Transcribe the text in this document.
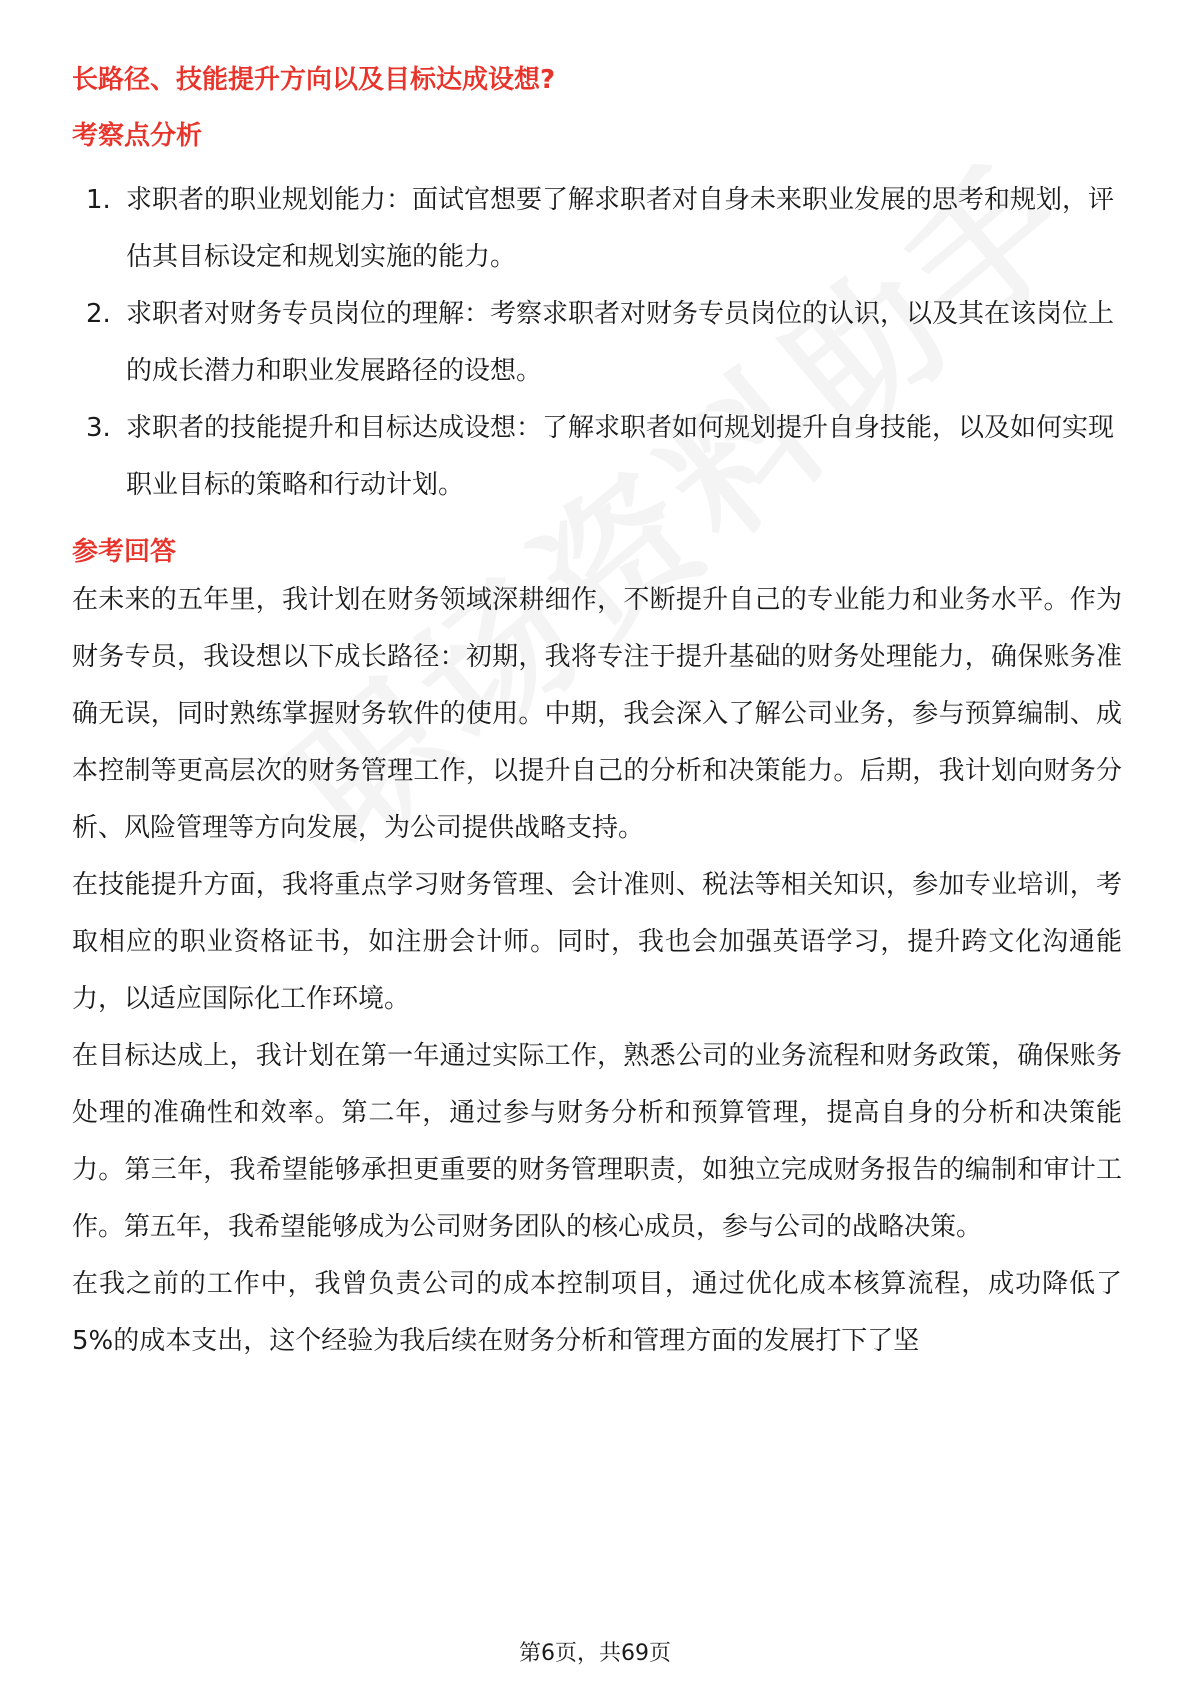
长路径、技能提升方向以及目标达成设想?
考察点分析
1. 求职者的职业规划能力：面试官想要了解求职者对自身未来职业发展的思考和规划，评估其目标设定和规划实施的能力。
2. 求职者对财务专员岗位的理解：考察求职者对财务专员岗位的认识，以及其在该岗位上的成长潜力和职业发展路径的设想。
3. 求职者的技能提升和目标达成设想：了解求职者如何规划提升自身技能，以及如何实现职业目标的策略和行动计划。
参考回答

在未来的五年里，我计划在财务领域深耕细作，不断提升自己的专业能力和业务水平。作为财务专员，我设想以下成长路径：初期，我将专注于提升基础的财务处理能力，确保账务准确无误，同时熟练掌握财务软件的使用。中期，我会深入了解公司业务，参与预算编制、成本控制等更高层次的财务管理工作，以提升自己的分析和决策能力。后期，我计划向财务分析、风险管理等方向发展，为公司提供战略支持。

在技能提升方面，我将重点学习财务管理、会计准则、税法等相关知识，参加专业培训，考取相应的职业资格证书，如注册会计师。同时，我也会加强英语学习，提升跨文化沟通能力，以适应国际化工作环境。

在目标达成上，我计划在第一年通过实际工作，熟悉公司的业务流程和财务政策，确保账务处理的准确性和效率。第二年，通过参与财务分析和预算管理，提高自身的分析和决策能力。第三年，我希望能够承担更重要的财务管理职责，如独立完成财务报告的编制和审计工作。第五年，我希望能够成为公司财务团队的核心成员，参与公司的战略决策。

在我之前的工作中，我曾负责公司的成本控制项目，通过优化成本核算流程，成功降低了5%的成本支出，这个经验为我后续在财务分析和管理方面的发展打下了坚

第6页，共69页
